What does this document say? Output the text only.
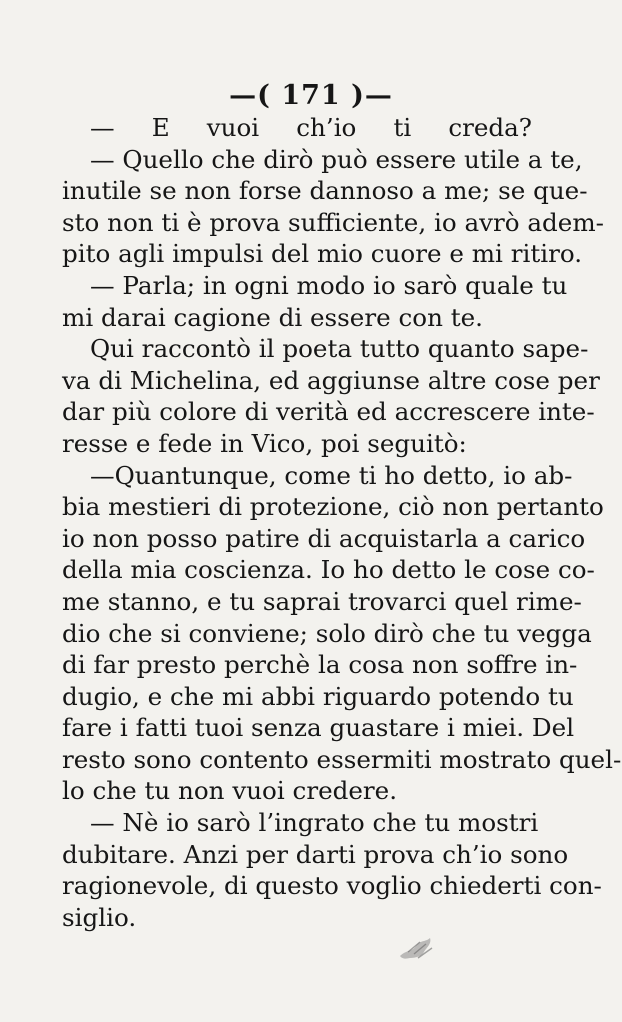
—( 171 )—
— E vuoi ch’io ti creda?
— Quello che dirò può essere utile a te,
inutile se non forse dannoso a me; se que-
sto non ti è prova sufficiente, io avrò adem-
pito agli impulsi del mio cuore e mi ritiro.
— Parla; in ogni modo io sarò quale tu
mi darai cagione di essere con te.
Qui raccontò il poeta tutto quanto sape-
va di Michelina, ed aggiunse altre cose per
dar più colore di verità ed accrescere inte-
resse e fede in Vico, poi seguitò:
—Quantunque, come ti ho detto, io ab-
bia mestieri di protezione, ciò non pertanto
io non posso patire di acquistarla a carico
della mia coscienza. Io ho detto le cose co-
me stanno, e tu saprai trovarci quel rime-
dio che si conviene; solo dirò che tu vegga
di far presto perchè la cosa non soffre in-
dugio, e che mi abbi riguardo potendo tu
fare i fatti tuoi senza guastare i miei. Del
resto sono contento essermiti mostrato quel-
lo che tu non vuoi credere.
— Nè io sarò l’ingrato che tu mostri
dubitare. Anzi per darti prova ch’io sono
ragionevole, di questo voglio chiederti con-
siglio.
